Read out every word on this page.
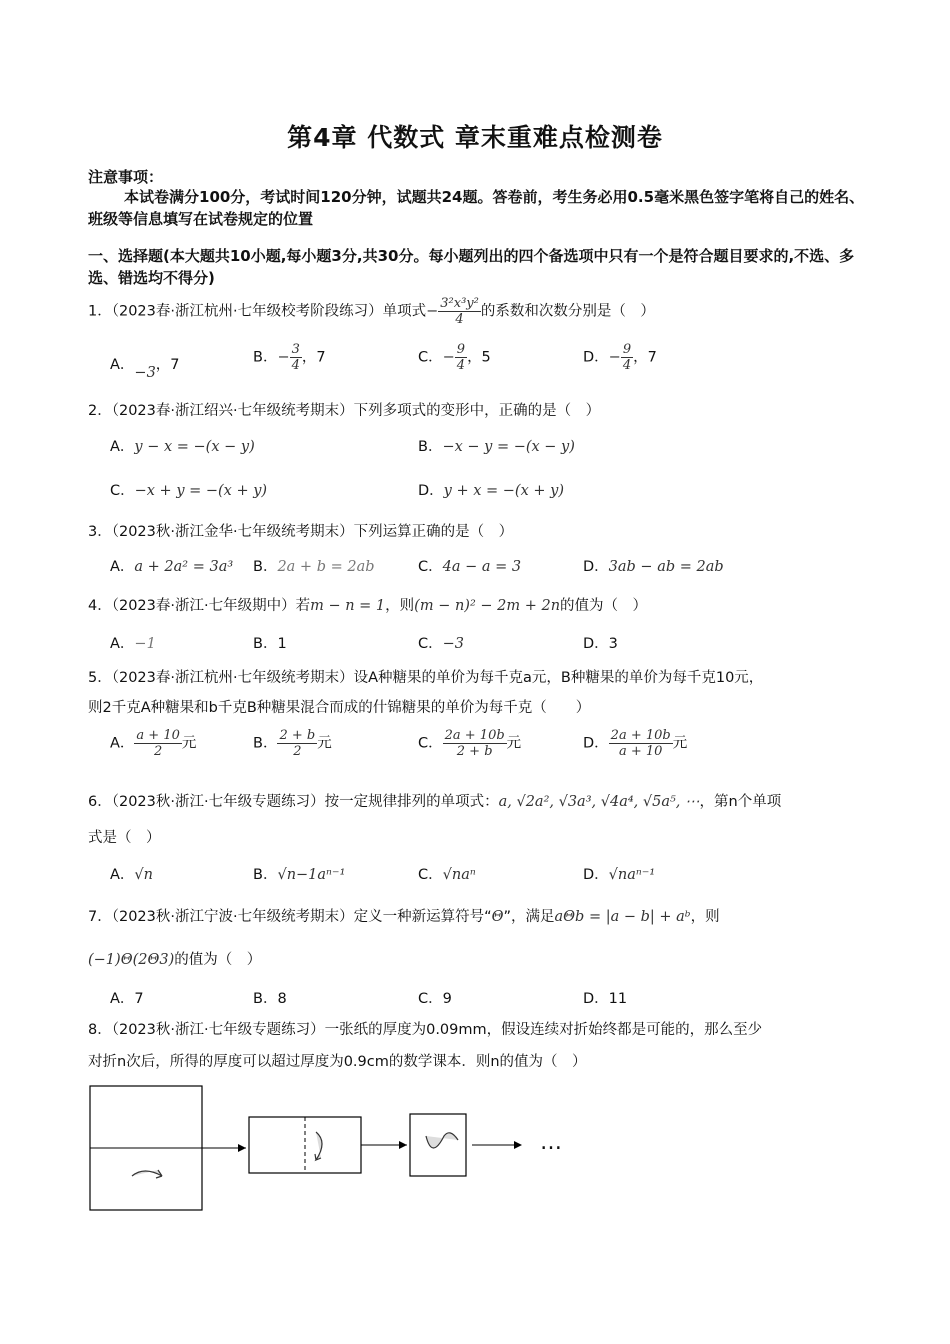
第4章 代数式 章末重难点检测卷
注意事项：
本试卷满分100分，考试时间120分钟，试题共24题。答卷前，考生务必用0.5毫米黑色签字笔将自己的姓名、班级等信息填写在试卷规定的位置
一、选择题(本大题共10小题,每小题3分,共30分。每小题列出的四个备选项中只有一个是符合题目要求的,不选、多选、错选均不得分)
1．（2023春·浙江杭州·七年级校考阶段练习）单项式− $\frac{\text{3²x³y²}}{4}$ 的系数和次数分别是（　）
A．−3，7	B．− $\frac{3}{4}$ ，7	C．− $\frac{9}{4}$ ，5	D．− $\frac{9}{4}$ ，7
2．（2023春·浙江绍兴·七年级统考期末）下列多项式的变形中，正确的是（　）
A．y − x = −(x − y)	B．−x − y = −(x − y)
C．−x + y = −(x + y)	D．y + x = −(x + y)
3．（2023秋·浙江金华·七年级统考期末）下列运算正确的是（　）
A．a + 2a² = 3a³ B．2a + b = 2ab	C．4a − a = 3	D．3ab − ab = 2ab
4．（2023春·浙江·七年级期中）若m − n = 1，则(m − n)² − 2m + 2n的值为（　）
A．−1	B．1	C．−3	D．3
5．（2023春·浙江杭州·七年级统考期末）设A种糖果的单价为每千克a元，B种糖果的单价为每千克10元，
则2千克A种糖果和b千克B种糖果混合而成的什锦糖果的单价为每千克（　　）
A． $\frac{a + 10}{2}$ 元	B． $\frac{2 + b}{2}$ 元	C． $\frac{2a + 10b}{2 + b}$ 元	D． $\frac{2a + 10b}{a + 10}$ 元
6．（2023秋·浙江·七年级专题练习）按一定规律排列的单项式：a, √2a², √3a³, √4a⁴, √5a⁵, ⋯，第n个单项
式是（　）
A．√n	B．√n−1aⁿ⁻¹	C．√naⁿ	D．√naⁿ⁻¹
7．（2023秋·浙江宁波·七年级统考期末）定义一种新运算符号“Θ”，满足aΘb = |a − b| + aᵇ，则
(−1)Θ(2Θ3)的值为（　）
A．7	B．8	C．9	D．11
8．（2023秋·浙江·七年级专题练习）一张纸的厚度为0.09mm，假设连续对折始终都是可能的，那么至少
对折n次后，所得的厚度可以超过厚度为0.9cm的数学课本．则n的值为（　）
…
